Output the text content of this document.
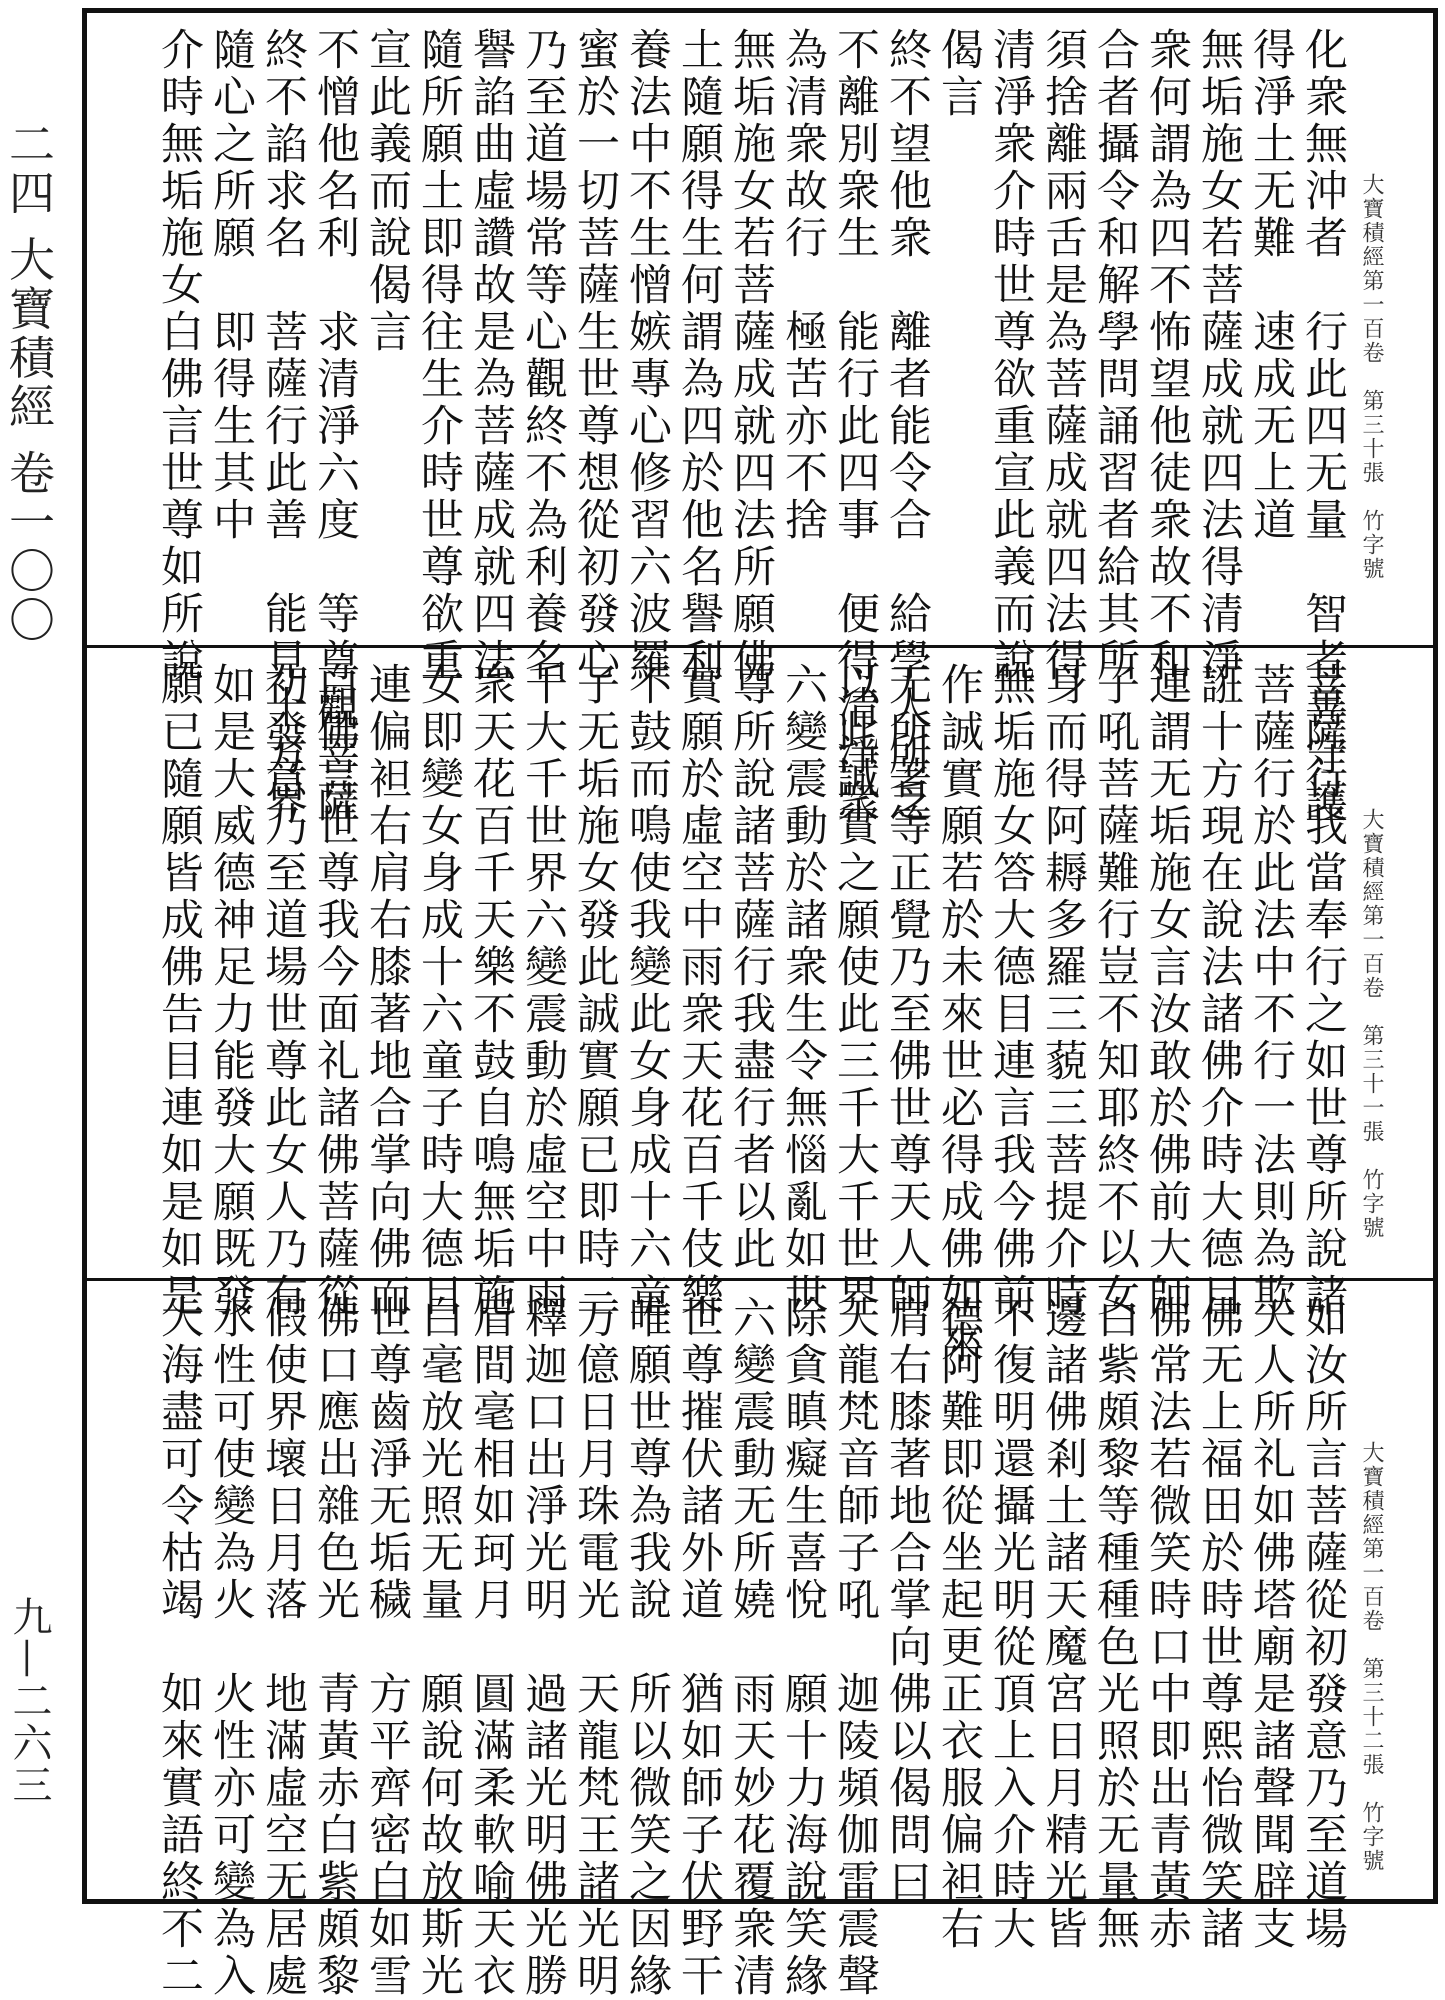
二四 大寶積經 卷一〇〇
九—二六三
大寶積經第一百卷　第三十張　竹字號
化衆無沖者　行此四无量　智者善守護
得淨土无難　速成无上道
無垢施女若菩薩成就四法得清淨
衆何謂為四不怖望他徒衆故不和
合者攝令和解學問誦習者給其所
須捨離兩舌是為菩薩成就四法得
清淨衆介時世尊欲重宣此義而說
偈言
終不望他衆　離者能令合　給學人所乏
不離別衆生　能行此四事　便得清淨衆
為清衆故行　極苦亦不捨
無垢施女若菩薩成就四法所願佛
土隨願得生何謂為四於他名譽利
養法中不生憎嫉專心修習六波羅
蜜於一切菩薩生世尊想從初發心
乃至道場常等心觀終不為利養名
譽諂曲虛讚故是為菩薩成就四法
隨所願土即得往生介時世尊欲重
宣此義而說偈言
不憎他名利　求清淨六度　等尊觀菩薩
終不諂求名　菩薩行此善　能見十方界
隨心之所願　即得生其中
介時無垢施女白佛言世尊如所說
大寶積經第一百卷　第三十一張　竹字號
菩薩行我當奉行之如世尊所說諸
菩薩行於此法中不行一法則為欺
誑十方現在說法諸佛介時大德目
連謂无垢施女言汝敢於佛前大師
子吼菩薩難行豈不知耶終不以女
身而得阿耨多羅三藐三菩提介時
無垢施女答大德目連言我今佛前
作誠實願若於未來世必得成佛如來
无所著等正覺乃至佛世尊天人師
以此誠實之願使此三千大千世界
六變震動於諸衆生令無惱亂如世
尊所說諸菩薩行我盡行者以此
實願於虛空中雨衆天花百千伎樂
不鼓而鳴使我變此女身成十六童
子无垢施女發此誠實願已即時三
千大千世界六變震動於虛空中雨
衆天花百千天樂不鼓自鳴無垢施
女即變女身成十六童子時大德目
連偏袒右肩右膝著地合掌向佛而
白佛言世尊我今面礼諸佛菩薩從
初發意乃至道場世尊此女人乃有
如是大威德神足力能發大願既發
願已隨願皆成佛告目連如是如是
大寶積經第一百卷　第三十二張　竹字號
如汝所言菩薩從初發意乃至道場
天人所礼如佛塔廟是諸聲聞辟支
佛无上福田於時世尊熙怡微笑諸
佛常法若微笑時口中即出青黃赤
白紫頗黎等種種色光照於无量無
邊諸佛剎土諸天魔宮日月精光皆
不復明還攝光明從頂上入介時大
德阿難即從坐起更正衣服偏袒右
肩右膝著地合掌向佛以偈問曰
天龍梵音師子吼　迦陵頻伽雷震聲
除貪瞋癡生喜悅　願十力海說笑緣
六變震動无所嬈　雨天妙花覆衆清
世尊摧伏諸外道　猶如師子伏野干
唯願世尊為我說　所以微笑之因緣
万億日月珠電光　天龍梵王諸光明
釋迦口出淨光明　過諸光明佛光勝
眉間毫相如珂月　圓滿柔軟喻天衣
白毫放光照无量　願說何故放斯光
世尊齒淨无垢穢　方平齊密白如雪
佛口應出雜色光　青黃赤白紫頗黎
假使界壞日月落　地滿虛空无居處
水性可使變為火　火性亦可變為入
大海盡可令枯竭　如來實語終不二
